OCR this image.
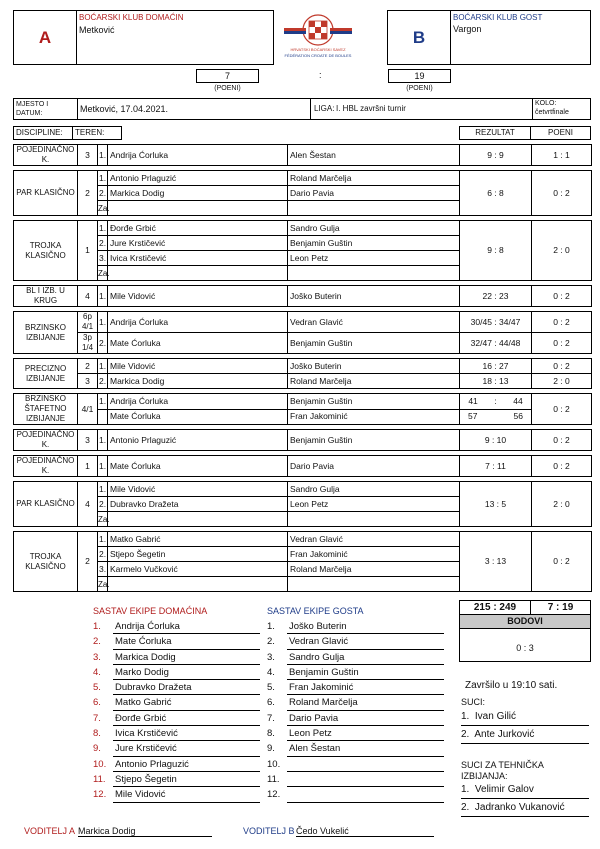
A
BOĆARSKI KLUB DOMAĆIN
Metković
HRVATSKI BOĆARSKI SAVEZ
FÉDÉRATION CROATE DE BOULES
B
BOĆARSKI KLUB GOST
Vargon
7
(POENI)
:	19
(POENI)
MJESTO I DATUM:	Metković, 17.04.2021.	LIGA: I. HBL završni turnir
KOLO:
četvrtfinale
DISCIPLINE: TEREN:	REZULTAT	POENI
POJEDINAČNO K.	3	1.	Andrija Ćorluka	Alen Šestan	9 : 9	1 : 1

PAR KLASIČNO	2	1.	Antonio Prlaguzić	Roland Marčelja	6 : 8	0 : 2
		2.	Markica Dodig	Dario Pavia		
		Za.				

TROJKA KLASIČNO	1	1.	Đorđe Grbić	Sandro Gulja	9 : 8	2 : 0
		2.	Jure Krstičević	Benjamin Guštin		
		3.	Ivica Krstičević	Leon Petz		
		Za.				

BL I IZB. U KRUG	4	1.	Mile Vidović	Joško Buterin	22 : 23	0 : 2

BRZINSKO IZBIJANJE	6p 4/1	1.	Andrija Ćorluka	Vedran Glavić	30/45 : 34/47	0 : 2
	3p 1/4	2.	Mate Ćorluka	Benjamin Guštin	32/47 : 44/48	0 : 2

PRECIZNO IZBIJANJE	2	1.	Mile Vidović	Joško Buterin	16 : 27	0 : 2
	3	2.	Markica Dodig	Roland Marčelja	18 : 13	2 : 0

BRZINSKO ŠTAFETNO IZBIJANJE	4/1	1.	Andrija Ćorluka	Benjamin Guštin	41 : 44	0 : 2
			Mate Ćorluka	Fran Jakominić	57 56	

POJEDINAČNO K.	3	1.	Antonio Prlaguzić	Benjamin Guštin	9 : 10	0 : 2

POJEDINAČNO K.	1	1.	Mate Ćorluka	Dario Pavia	7 : 11	0 : 2

PAR KLASIČNO	4	1.	Mile Vidović	Sandro Gulja	13 : 5	2 : 0
		2.	Dubravko Dražeta	Leon Petz		
		Za.				

TROJKA KLASIČNO	2	1.	Matko Gabrić	Vedran Glavić	3 : 13	0 : 2
		2.	Stjepo Šegetin	Fran Jakominić		
		3.	Karmelo Vučković	Roland Marčelja		
		Za.				
SASTAV EKIPE DOMAĆINA	SASTAV EKIPE GOSTA
1.	Andrija Ćorluka
2.	Mate Ćorluka
3.	Markica Dodig
4.	Marko Dodig
5.	Dubravko Dražeta
6.	Matko Gabrić
7.	Đorđe Grbić
8.	Ivica Krstičević
9.	Jure Krstičević
10. Antonio Prlaguzić
11. Stjepo Šegetin
12. Mile Vidović
1.	Joško Buterin
2.	Vedran Glavić
3.	Sandro Gulja
4.	Benjamin Guštin
5.	Fran Jakominić
6.	Roland Marčelja
7.	Dario Pavia
8.	Leon Petz
9.	Alen Šestan
10.
11.
12.
215 : 249	7 : 19
BODOVI
0 : 3
Završilo u 19:10 sati.
SUCI:
1.  Ivan Gilić
2.  Ante Jurković
SUCI ZA TEHNIČKA IZBIJANJA:
1.  Velimir Galov
2.  Jadranko Vukanović
VODITELJ A Markica Dodig	VODITELJ B Čedo Vukelić
